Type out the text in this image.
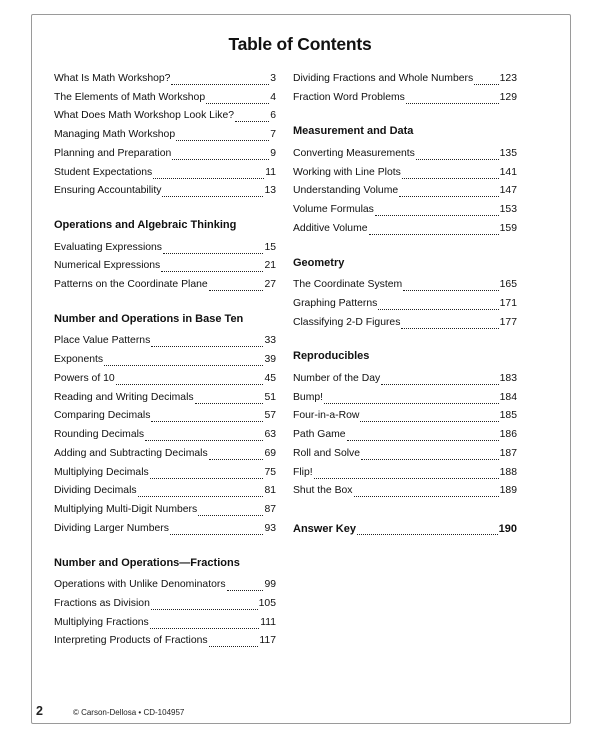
Table of Contents
What Is Math Workshop?	3
The Elements of Math Workshop	4
What Does Math Workshop Look Like?	6
Managing Math Workshop	7
Planning and Preparation	9
Student Expectations	11
Ensuring Accountability	13
Operations and Algebraic Thinking
Evaluating Expressions	15
Numerical Expressions	21
Patterns on the Coordinate Plane	27
Number and Operations in Base Ten
Place Value Patterns	33
Exponents	39
Powers of 10	45
Reading and Writing Decimals	51
Comparing Decimals	57
Rounding Decimals	63
Adding and Subtracting Decimals	69
Multiplying Decimals	75
Dividing Decimals	81
Multiplying Multi-Digit Numbers	87
Dividing Larger Numbers	93
Number and Operations—Fractions
Operations with Unlike Denominators	99
Fractions as Division	105
Multiplying Fractions	111
Interpreting Products of Fractions	117
Dividing Fractions and Whole Numbers	123
Fraction Word Problems	129
Measurement and Data
Converting Measurements	135
Working with Line Plots	141
Understanding Volume	147
Volume Formulas	153
Additive Volume	159
Geometry
The Coordinate System	165
Graphing Patterns	171
Classifying 2-D Figures	177
Reproducibles
Number of the Day	183
Bump!	184
Four-in-a-Row	185
Path Game	186
Roll and Solve	187
Flip!	188
Shut the Box	189
Answer Key	190
2	© Carson-Dellosa • CD-104957
